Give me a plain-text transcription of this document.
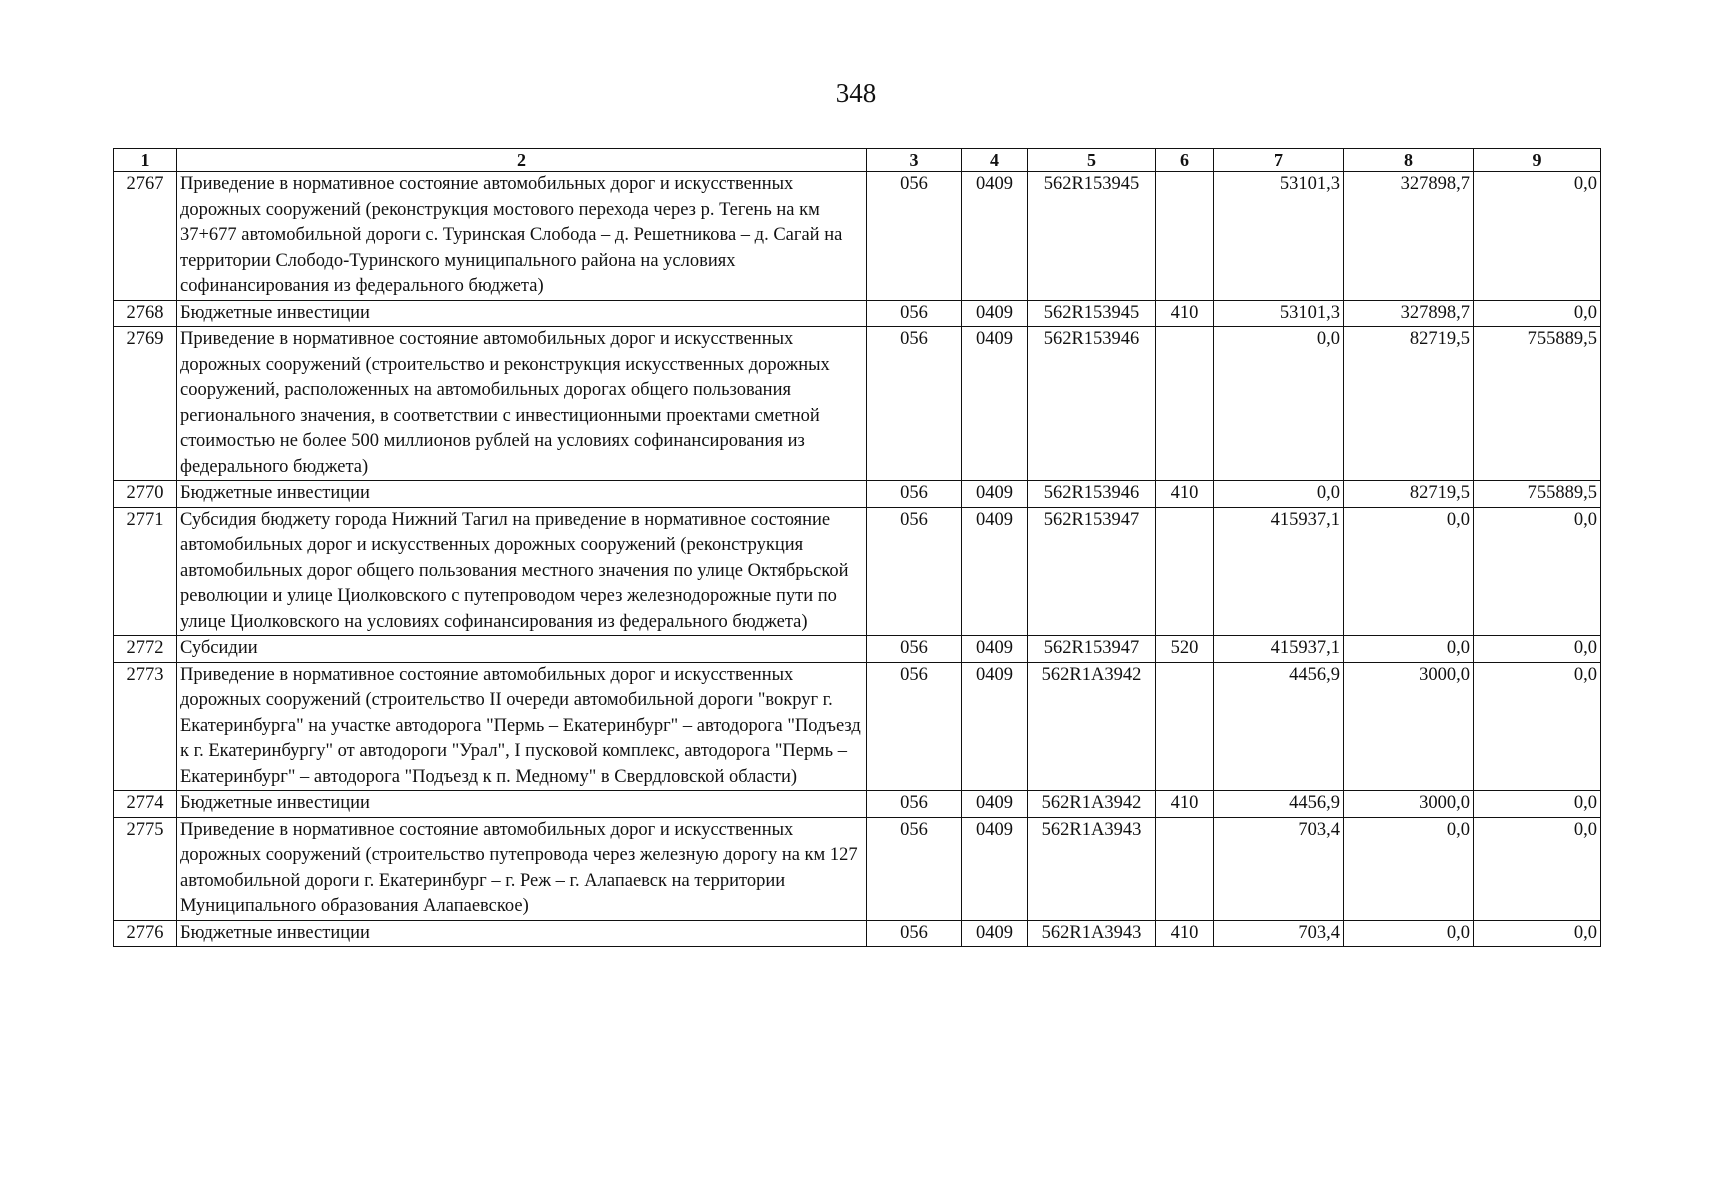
348
1	2	3	4	5	6	7	8	9
2767	Приведение в нормативное состояние автомобильных дорог и искусственных дорожных сооружений (реконструкция мостового перехода через р. Тегень на км 37+677 автомобильной дороги с. Туринская Слобода – д. Решетникова – д. Сагай на территории Слободо-Туринского муниципального района на условиях софинансирования из федерального бюджета)	056	0409	562R153945		53101,3	327898,7	0,0
2768	Бюджетные инвестиции	056	0409	562R153945	410	53101,3	327898,7	0,0
2769	Приведение в нормативное состояние автомобильных дорог и искусственных дорожных сооружений (строительство и реконструкция искусственных дорожных сооружений, расположенных на автомобильных дорогах общего пользования регионального значения, в соответствии с инвестиционными проектами сметной стоимостью не более 500 миллионов рублей на условиях софинансирования из федерального бюджета)	056	0409	562R153946		0,0	82719,5	755889,5
2770	Бюджетные инвестиции	056	0409	562R153946	410	0,0	82719,5	755889,5
2771	Субсидия бюджету города Нижний Тагил на приведение в нормативное состояние автомобильных дорог и искусственных дорожных сооружений (реконструкция автомобильных дорог общего пользования местного значения по улице Октябрьской революции и улице Циолковского с путепроводом через железнодорожные пути по улице Циолковского на условиях софинансирования из федерального бюджета)	056	0409	562R153947		415937,1	0,0	0,0
2772	Субсидии	056	0409	562R153947	520	415937,1	0,0	0,0
2773	Приведение в нормативное состояние автомобильных дорог и искусственных дорожных сооружений (строительство II очереди автомобильной дороги "вокруг г. Екатеринбурга" на участке автодорога "Пермь – Екатеринбург" – автодорога "Подъезд к г. Екатеринбургу" от автодороги "Урал", I пусковой комплекс, автодорога "Пермь – Екатеринбург" – автодорога "Подъезд к п. Медному" в Свердловской области)	056	0409	562R1A3942		4456,9	3000,0	0,0
2774	Бюджетные инвестиции	056	0409	562R1A3942	410	4456,9	3000,0	0,0
2775	Приведение в нормативное состояние автомобильных дорог и искусственных дорожных сооружений (строительство путепровода через железную дорогу на км 127 автомобильной дороги г. Екатеринбург – г. Реж – г. Алапаевск на территории Муниципального образования Алапаевское)	056	0409	562R1A3943		703,4	0,0	0,0
2776	Бюджетные инвестиции	056	0409	562R1A3943	410	703,4	0,0	0,0
